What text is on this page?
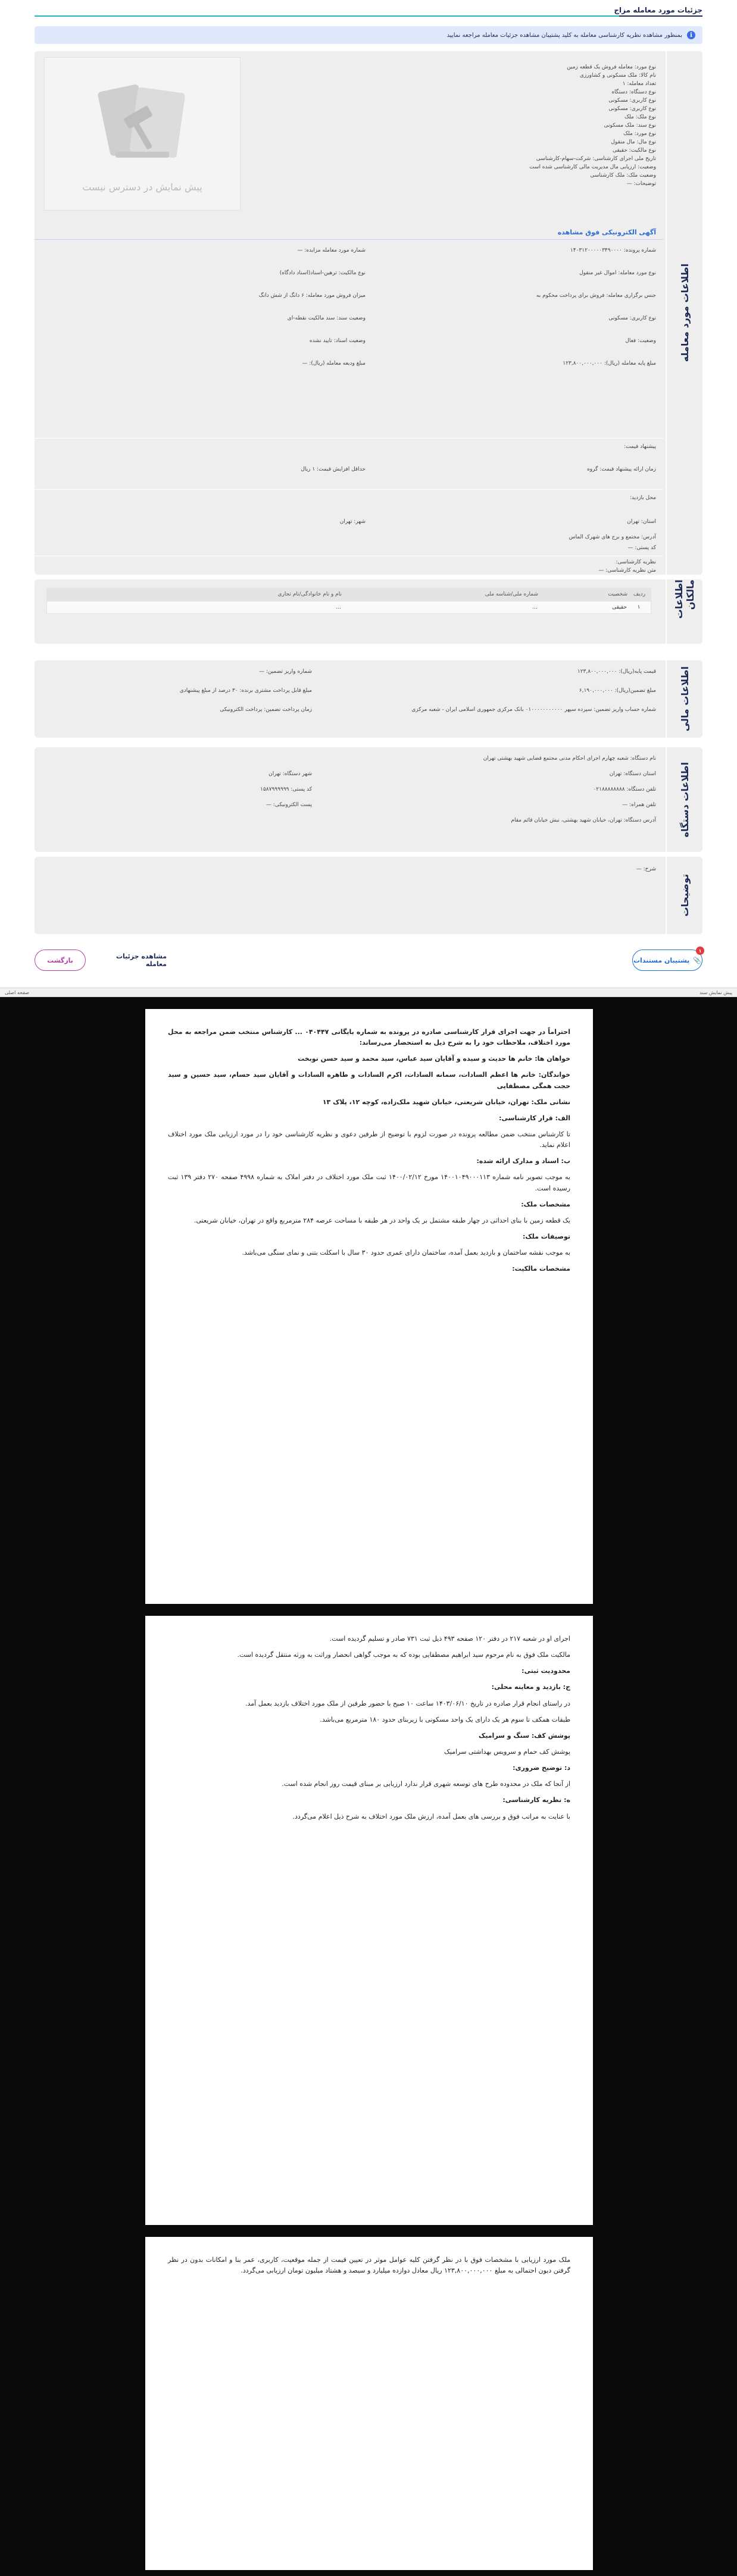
جزئیات مورد معامله مزاج
i
بمنظور مشاهده نظریه کارشناسی معامله به کلید پشتیبان مشاهده جزئیات معامله مراجعه نمایید
اطلاعات مورد معامله
نوع مورد: معامله فروش یک قطعه زمین
نام کالا: ملک مسکونی و کشاورزی
تعداد معامله: ۱
نوع دستگاه: دستگاه
نوع کاربری: مسکونی
نوع کاربری: مسکونی
نوع ملک: ملک
نوع سند: ملک مسکونی
نوع مورد: ملک
نوع مال: مال منقول
نوع مالکیت: حقیقی
تاریخ ملی اجرای کارشناسی: شرکت-سهام-کارشناسی
وضعیت: ارزیابی مال مدیریت مالی کارشناسی شده است
وضعیت ملک: ملک کارشناسی
توضیحات: —
پیش نمایش در دسترس نیست
آگهی الکترونیکی فوق مشاهده
شماره پرونده: ۱۴۰۳۱۲۰۰۰۰۰۳۴۹۰۰۰۰
نوع مورد معامله: اموال غیر منقول
جنس برگزاری معامله: فروش برای پرداخت محکوم به
نوع کاربری: مسکونی
وضعیت: فعال
مبلغ پایه معامله (ریال): ۱۲۳,۸۰۰,۰۰۰,۰۰۰
شماره مورد معامله مزایده: —
نوع مالکیت: ترهین-اسناد(اسناد دادگاه)
میزان فروش مورد معامله: ۶ دانگ از شش دانگ
وضعیت سند: سند مالکیت نقطه-ای
وضعیت اسناد: تایید نشده
مبلغ ودیعه معامله (ریال): —
پیشنهاد قیمت:
زمان ارائه پیشنهاد قیمت: گروه
حداقل افزایش قیمت: ۱ ریال
محل بازدید:
استان: تهران
شهر: تهران
آدرس: مجتمع و برج های شهرک الماس
کد پستی: —
نظریه کارشناسی:
متن نظریه کارشناسی: —
اطلاعات مالکان
ردیف
شخصیت
شماره ملی/شناسه ملی
نام و نام خانوادگی/نام تجاری
۱
حقیقی
...
...
اطلاعات مالی
قیمت پایه(ریال): ۱۲۳,۸۰۰,۰۰۰,۰۰۰
مبلغ تضمین(ریال): ۶,۱۹۰,۰۰۰,۰۰۰
شماره حساب واریز تضمین: سپرده سپهر ۰۱۰۰۰۰۰۰۰۰۰۰۰ بانک مرکزی جمهوری اسلامی ایران - شعبه مرکزی
شماره واریز تضمین: —
مبلغ قابل پرداخت مشتری برنده: ۳۰ درصد از مبلغ پیشنهادی
زمان پرداخت تضمین: پرداخت الکترونیکی
اطلاعات دستگاه
نام دستگاه: شعبه چهارم اجرای احکام مدنی مجتمع قضایی شهید بهشتی تهران
استان دستگاه: تهران
تلفن دستگاه: ۰۲۱۸۸۸۸۸۸۸۸
تلفن همراه: —
آدرس دستگاه: تهران، خیابان شهید بهشتی، نبش خیابان قائم مقام
شهر دستگاه: تهران
کد پستی: ۱۵۸۷۹۹۹۹۹۹
پست الکترونیکی: —
توضیحات
شرح: —
۱
📎
پشتیبان مستندات
مشاهده جزئیات معامله
بازگشت
پیش نمایش سند
صفحه اصلی

احتراماً در جهت اجرای قرار کارشناسی صادره در پرونده به شماره بایگانی ۰۴۰۴۴۷ ... کارشناس منتخب ضمن مراجعه به محل مورد اختلاف، ملاحظات خود را به شرح ذیل به استحضار می‌رساند:

خواهان ها: خانم ها حدیث و سیده و آقایان سید عباس، سید محمد و سید حسن نوبخت

خواندگان: خانم ها اعظم السادات، سمانه السادات، اکرم السادات و طاهره السادات و آقایان سید حسام، سید حسین و سید حجت همگی مصطفایی

نشانی ملک: تهران، خیابان شریعتی، خیابان شهید ملک‌زاده، کوچه ۱۲، پلاک ۱۳

الف: قرار کارشناسی:

تا کارشناس منتخب ضمن مطالعه پرونده در صورت لزوم با توضیح از طرفین دعوی و نظریه کارشناسی خود را در مورد ارزیابی ملک مورد اختلاف اعلام نماید.

ب: اسناد و مدارک ارائه شده:

به موجب تصویر نامه شماره ۱۴۰۰۱۰۴۹۰۰۰۱۱۳ مورخ ۱۴۰۰/۰۲/۱۲ ثبت ملک مورد اختلاف در دفتر املاک به شماره ۴۹۹۸ صفحه ۲۷۰ دفتر ۱۳۹ ثبت رسیده است.

مشخصات ملک:

یک قطعه زمین با بنای احداثی در چهار طبقه مشتمل بر یک واحد در هر طبقه با مساحت عرصه ۲۸۴ مترمربع واقع در تهران، خیابان شریعتی.

توصیفات ملک:

به موجب نقشه ساختمان و بازدید بعمل آمده، ساختمان دارای عمری حدود ۳۰ سال با اسکلت بتنی و نمای سنگی می‌باشد.

مشخصات مالکیت:

اجرای او در شعبه ۲۱۷ در دفتر ۱۲۰ صفحه ۴۹۳ ذیل ثبت ۷۳۱ صادر و تسلیم گردیده است.

مالکیت ملک فوق به نام مرحوم سید ابراهیم مصطفایی بوده که به موجب گواهی انحصار وراثت به ورثه منتقل گردیده است.

محدودیت ثبتی:

ج: بازدید و معاینه محلی:

در راستای انجام قرار صادره در تاریخ ۱۴۰۳/۰۶/۱۰ ساعت ۱۰ صبح با حضور طرفین از ملک مورد اختلاف بازدید بعمل آمد.

طبقات همکف تا سوم هر یک دارای یک واحد مسکونی با زیربنای حدود ۱۸۰ مترمربع می‌باشد.

پوشش کف: سنگ و سرامیک

پوشش کف حمام و سرویس بهداشتی سرامیک

د: توضیح ضروری:

از آنجا که ملک در محدوده طرح های توسعه شهری قرار ندارد ارزیابی بر مبنای قیمت روز انجام شده است.

ه: نظریه کارشناسی:

با عنایت به مراتب فوق و بررسی های بعمل آمده، ارزش ملک مورد اختلاف به شرح ذیل اعلام می‌گردد.

ملک مورد ارزیابی با مشخصات فوق با در نظر گرفتن کلیه عوامل موثر در تعیین قیمت از جمله موقعیت، کاربری، عمر بنا و امکانات بدون در نظر گرفتن دیون احتمالی به مبلغ ۱۲۳,۸۰۰,۰۰۰,۰۰۰ ریال معادل دوازده میلیارد و سیصد و هشتاد میلیون تومان ارزیابی می‌گردد.
